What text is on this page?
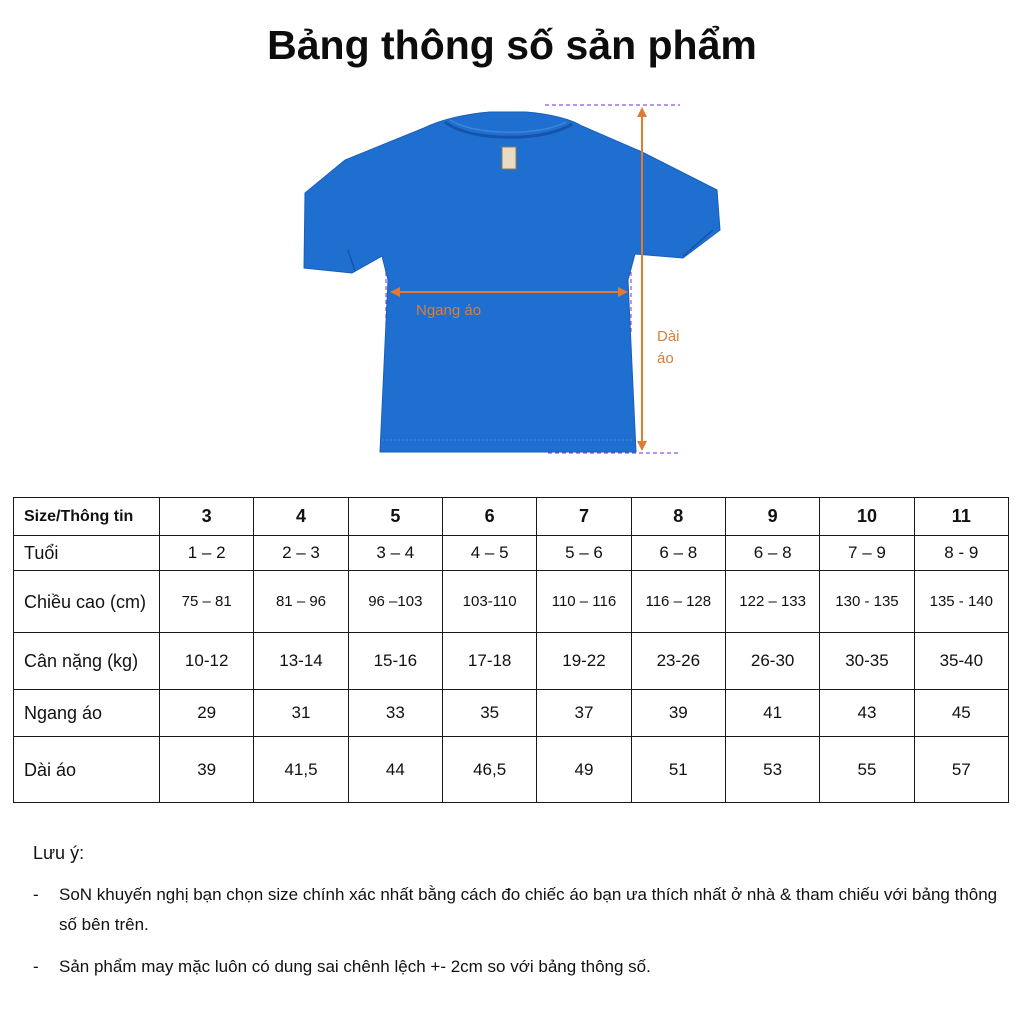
Bảng thông số sản phẩm
Ngang áo
Dài
áo
Size/Thông tin	3	4	5	6	7	8	9	10	11
Tuổi	1 – 2	2 – 3	3 – 4	4 – 5	5 – 6	6 – 8	6 – 8	7 – 9	8 - 9
Chiều cao (cm)	75 – 81	81 – 96	96 –103	103-110	110 – 116	116 – 128	122 – 133	130 - 135	135 - 140
Cân nặng (kg)	10-12	13-14	15-16	17-18	19-22	23-26	26-30	30-35	35-40
Ngang áo	29	31	33	35	37	39	41	43	45
Dài áo	39	41,5	44	46,5	49	51	53	55	57
Lưu ý:
-	SoN khuyến nghị bạn chọn size chính xác nhất bằng cách đo chiếc áo bạn ưa thích nhất ở nhà & tham chiếu với bảng thông số bên trên.
-	Sản phẩm may mặc luôn có dung sai chênh lệch +- 2cm so với bảng thông số.
